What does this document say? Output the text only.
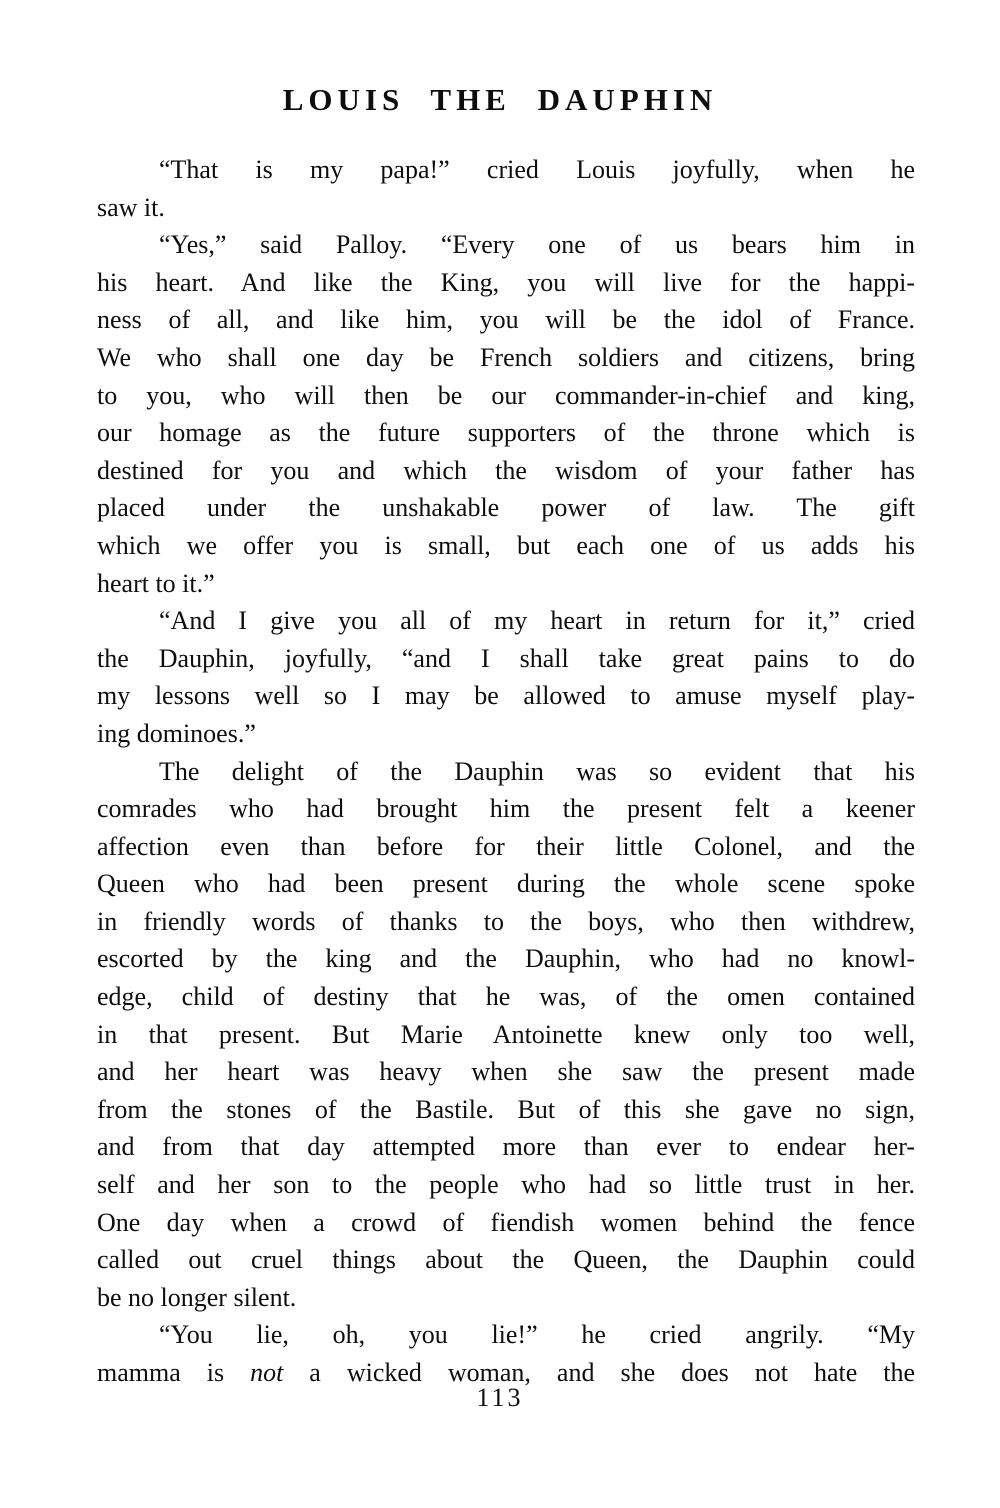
LOUIS THE DAUPHIN
“That is my papa!” cried Louis joyfully, when he
saw it.
“Yes,” said Palloy. “Every one of us bears him in
his heart. And like the King, you will live for the happi-
ness of all, and like him, you will be the idol of France.
We who shall one day be French soldiers and citizens, bring
to you, who will then be our commander-in-chief and king,
our homage as the future supporters of the throne which is
destined for you and which the wisdom of your father has
placed under the unshakable power of law. The gift
which we offer you is small, but each one of us adds his
heart to it.”
“And I give you all of my heart in return for it,” cried
the Dauphin, joyfully, “and I shall take great pains to do
my lessons well so I may be allowed to amuse myself play-
ing dominoes.”
The delight of the Dauphin was so evident that his
comrades who had brought him the present felt a keener
affection even than before for their little Colonel, and the
Queen who had been present during the whole scene spoke
in friendly words of thanks to the boys, who then withdrew,
escorted by the king and the Dauphin, who had no knowl-
edge, child of destiny that he was, of the omen contained
in that present. But Marie Antoinette knew only too well,
and her heart was heavy when she saw the present made
from the stones of the Bastile. But of this she gave no sign,
and from that day attempted more than ever to endear her-
self and her son to the people who had so little trust in her.
One day when a crowd of fiendish women behind the fence
called out cruel things about the Queen, the Dauphin could
be no longer silent.
“You lie, oh, you lie!” he cried angrily. “My
mamma is not a wicked woman, and she does not hate the
113
